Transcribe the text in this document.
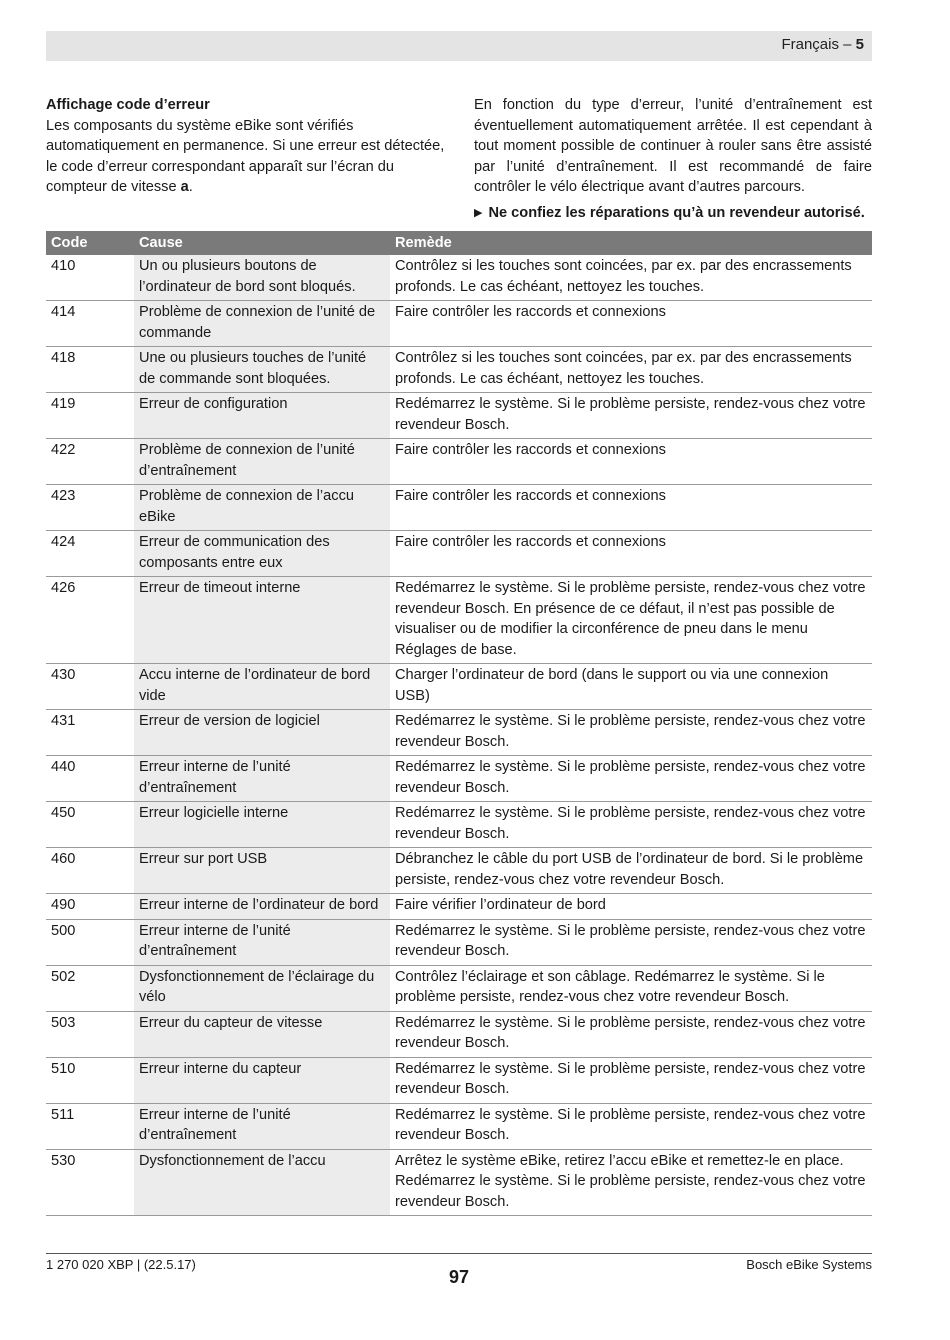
Français – 5

Affichage code d’erreur

Les composants du système eBike sont vérifiés automatiquement en permanence. Si une erreur est détectée, le code d’erreur correspondant apparaît sur l’écran du compteur de vitesse a.

En fonction du type d’erreur, l’unité d’entraînement est éventuellement automatiquement arrêtée. Il est cependant à tout moment possible de continuer à rouler sans être assisté par l’unité d’entraînement. Il est recommandé de faire contrôler le vélo électrique avant d’autres parcours.

▶ Ne confiez les réparations qu’à un revendeur autorisé.
Code	Cause	Remède
410	Un ou plusieurs boutons de l’ordinateur de bord sont bloqués.	Contrôlez si les touches sont coincées, par ex. par des encrassements profonds. Le cas échéant, nettoyez les touches.
414	Problème de connexion de l’unité de commande	Faire contrôler les raccords et connexions
418	Une ou plusieurs touches de l’unité de commande sont bloquées.	Contrôlez si les touches sont coincées, par ex. par des encrassements profonds. Le cas échéant, nettoyez les touches.
419	Erreur de configuration	Redémarrez le système. Si le problème persiste, rendez-vous chez votre revendeur Bosch.
422	Problème de connexion de l’unité d’entraînement	Faire contrôler les raccords et connexions
423	Problème de connexion de l’accu eBike	Faire contrôler les raccords et connexions
424	Erreur de communication des composants entre eux	Faire contrôler les raccords et connexions
426	Erreur de timeout interne	Redémarrez le système. Si le problème persiste, rendez-vous chez votre revendeur Bosch. En présence de ce défaut, il n’est pas possible de visualiser ou de modifier la circonférence de pneu dans le menu Réglages de base.
430	Accu interne de l’ordinateur de bord vide	Charger l’ordinateur de bord (dans le support ou via une connexion USB)
431	Erreur de version de logiciel	Redémarrez le système. Si le problème persiste, rendez-vous chez votre revendeur Bosch.
440	Erreur interne de l’unité d’entraînement	Redémarrez le système. Si le problème persiste, rendez-vous chez votre revendeur Bosch.
450	Erreur logicielle interne	Redémarrez le système. Si le problème persiste, rendez-vous chez votre revendeur Bosch.
460	Erreur sur port USB	Débranchez le câble du port USB de l’ordinateur de bord. Si le problème persiste, rendez-vous chez votre revendeur Bosch.
490	Erreur interne de l’ordinateur de bord	Faire vérifier l’ordinateur de bord
500	Erreur interne de l’unité d’entraînement	Redémarrez le système. Si le problème persiste, rendez-vous chez votre revendeur Bosch.
502	Dysfonctionnement de l’éclairage du vélo	Contrôlez l’éclairage et son câblage. Redémarrez le système. Si le problème persiste, rendez-vous chez votre revendeur Bosch.
503	Erreur du capteur de vitesse	Redémarrez le système. Si le problème persiste, rendez-vous chez votre revendeur Bosch.
510	Erreur interne du capteur	Redémarrez le système. Si le problème persiste, rendez-vous chez votre revendeur Bosch.
511	Erreur interne de l’unité d’entraînement	Redémarrez le système. Si le problème persiste, rendez-vous chez votre revendeur Bosch.
530	Dysfonctionnement de l’accu	Arrêtez le système eBike, retirez l’accu eBike et remettez-le en place. Redémarrez le système. Si le problème persiste, rendez-vous chez votre revendeur Bosch.
1 270 020 XBP | (22.5.17)
97
Bosch eBike Systems
